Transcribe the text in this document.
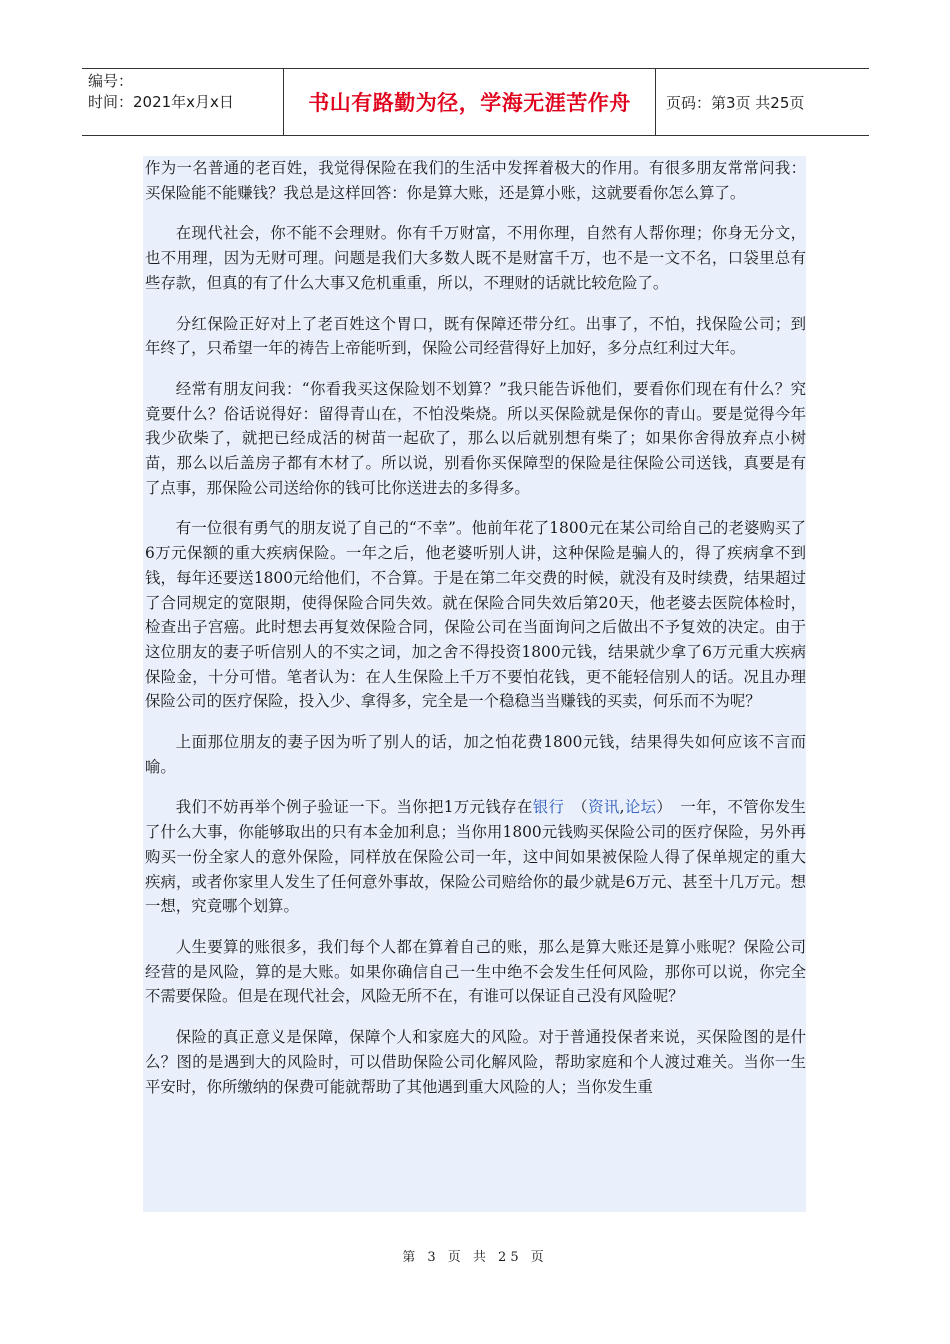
编号：
时间：2021年x月x日	书山有路勤为径，学海无涯苦作舟	页码：第3页 共25页

作为一名普通的老百姓，我觉得保险在我们的生活中发挥着极大的作用。有很多朋友常常问我：买保险能不能赚钱？我总是这样回答：你是算大账，还是算小账，这就要看你怎么算了。

在现代社会，你不能不会理财。你有千万财富，不用你理，自然有人帮你理；你身无分文，也不用理，因为无财可理。问题是我们大多数人既不是财富千万，也不是一文不名，口袋里总有些存款，但真的有了什么大事又危机重重，所以，不理财的话就比较危险了。

分红保险正好对上了老百姓这个胃口，既有保障还带分红。出事了，不怕，找保险公司；到年终了，只希望一年的祷告上帝能听到，保险公司经营得好上加好，多分点红利过大年。

经常有朋友问我：“你看我买这保险划不划算？”我只能告诉他们，要看你们现在有什么？究竟要什么？俗话说得好：留得青山在，不怕没柴烧。所以买保险就是保你的青山。要是觉得今年我少砍柴了，就把已经成活的树苗一起砍了，那么以后就别想有柴了；如果你舍得放弃点小树苗，那么以后盖房子都有木材了。所以说，别看你买保障型的保险是往保险公司送钱，真要是有了点事，那保险公司送给你的钱可比你送进去的多得多。

有一位很有勇气的朋友说了自己的“不幸”。他前年花了1800元在某公司给自己的老婆购买了6万元保额的重大疾病保险。一年之后，他老婆听别人讲，这种保险是骗人的，得了疾病拿不到钱，每年还要送1800元给他们，不合算。于是在第二年交费的时候，就没有及时续费，结果超过了合同规定的宽限期，使得保险合同失效。就在保险合同失效后第20天，他老婆去医院体检时，检查出子宫癌。此时想去再复效保险合同，保险公司在当面询问之后做出不予复效的决定。由于这位朋友的妻子听信别人的不实之词，加之舍不得投资1800元钱，结果就少拿了6万元重大疾病保险金，十分可惜。笔者认为：在人生保险上千万不要怕花钱，更不能轻信别人的话。况且办理保险公司的医疗保险，投入少、拿得多，完全是一个稳稳当当赚钱的买卖，何乐而不为呢？

上面那位朋友的妻子因为听了别人的话，加之怕花费1800元钱，结果得失如何应该不言而喻。

我们不妨再举个例子验证一下。当你把1万元钱存在银行　（资讯,论坛）　一年，不管你发生了什么大事，你能够取出的只有本金加利息；当你用1800元钱购买保险公司的医疗保险，另外再购买一份全家人的意外保险，同样放在保险公司一年，这中间如果被保险人得了保单规定的重大疾病，或者你家里人发生了任何意外事故，保险公司赔给你的最少就是6万元、甚至十几万元。想一想，究竟哪个划算。

人生要算的账很多，我们每个人都在算着自己的账，那么是算大账还是算小账呢？保险公司经营的是风险，算的是大账。如果你确信自己一生中绝不会发生任何风险，那你可以说，你完全不需要保险。但是在现代社会，风险无所不在，有谁可以保证自己没有风险呢？

保险的真正意义是保障，保障个人和家庭大的风险。对于普通投保者来说，买保险图的是什么？图的是遇到大的风险时，可以借助保险公司化解风险，帮助家庭和个人渡过难关。当你一生平安时，你所缴纳的保费可能就帮助了其他遇到重大风险的人；当你发生重

第 3 页 共 25 页
